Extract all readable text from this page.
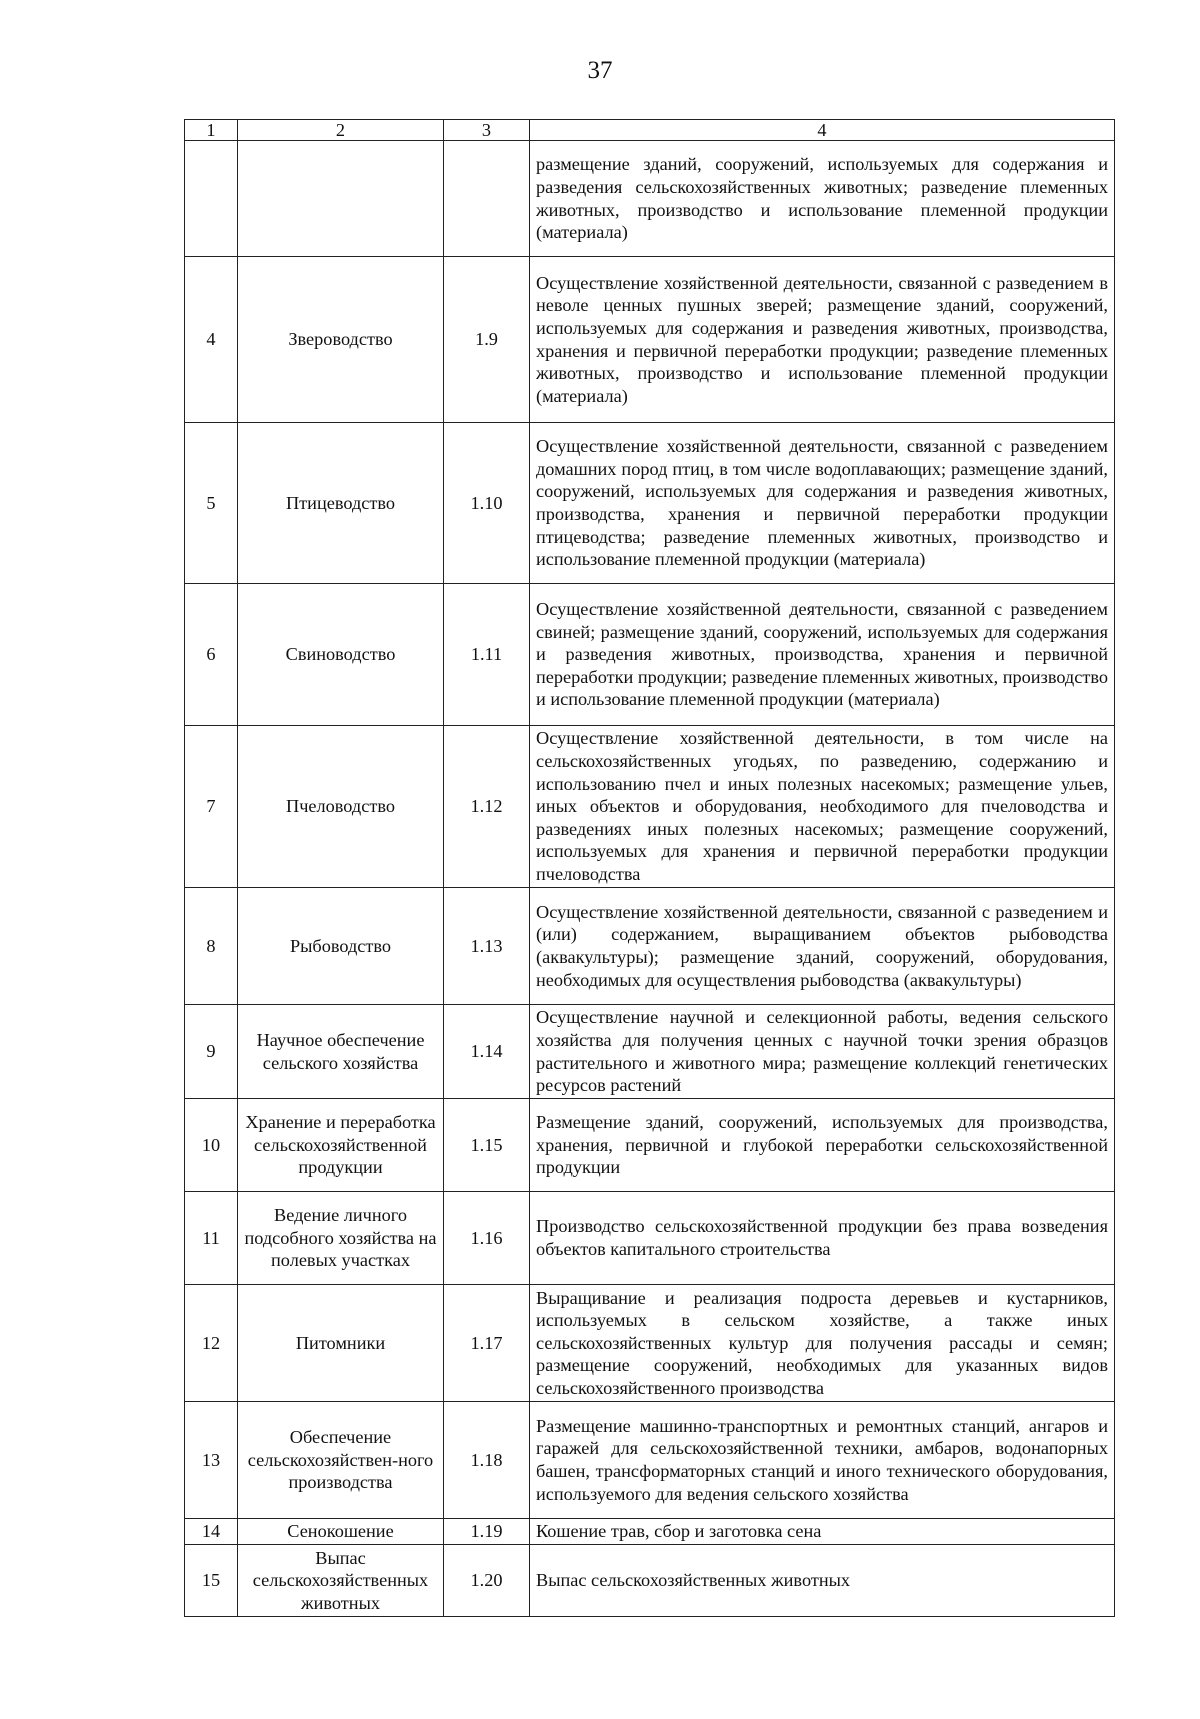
37
1	2	3	4
			размещение зданий, сооружений, используемых для содержания и разведения сельскохозяйственных животных; разведение племенных животных, производство и использование племенной продукции (материала)
4	Звероводство	1.9	Осуществление хозяйственной деятельности, связанной с разведением в неволе ценных пушных зверей; размещение зданий, сооружений, используемых для содержания и разведения животных, производства, хранения и первичной переработки продукции; разведение племенных животных, производство и использование племенной продукции (материала)
5	Птицеводство	1.10	Осуществление хозяйственной деятельности, связанной с разведением домашних пород птиц, в том числе водоплавающих; размещение зданий, сооружений, используемых для содержания и разведения животных, производства, хранения и первичной переработки продукции птицеводства; разведение племенных животных, производство и использование племенной продукции (материала)
6	Свиноводство	1.11	Осуществление хозяйственной деятельности, связанной с разведением свиней; размещение зданий, сооружений, используемых для содержания и разведения животных, производства, хранения и первичной переработки продукции; разведение племенных животных, производство и использование племенной продукции (материала)
7	Пчеловодство	1.12	Осуществление хозяйственной деятельности, в том числе на сельскохозяйственных угодьях, по разведению, содержанию и использованию пчел и иных полезных насекомых; размещение ульев, иных объектов и оборудования, необходимого для пчеловодства и разведениях иных полезных насекомых; размещение сооружений, используемых для хранения и первичной переработки продукции пчеловодства
8	Рыбоводство	1.13	Осуществление хозяйственной деятельности, связанной с разведением и (или) содержанием, выращиванием объектов рыбоводства (аквакультуры); размещение зданий, сооружений, оборудования, необходимых для осуществления рыбоводства (аквакультуры)
9	Научное обеспечение сельского хозяйства	1.14	Осуществление научной и селекционной работы, ведения сельского хозяйства для получения ценных с научной точки зрения образцов растительного и животного мира; размещение коллекций генетических ресурсов растений
10	Хранение и переработка сельскохозяйственной продукции	1.15	Размещение зданий, сооружений, используемых для производства, хранения, первичной и глубокой переработки сельскохозяйственной продукции
11	Ведение личного подсобного хозяйства на полевых участках	1.16	Производство сельскохозяйственной продукции без права возведения объектов капитального строительства
12	Питомники	1.17	Выращивание и реализация подроста деревьев и кустарников, используемых в сельском хозяйстве, а также иных сельскохозяйственных культур для получения рассады и семян; размещение сооружений, необходимых для указанных видов сельскохозяйственного производства
13	Обеспечение сельскохозяйствен-ного производства	1.18	Размещение машинно-транспортных и ремонтных станций, ангаров и гаражей для сельскохозяйственной техники, амбаров, водонапорных башен, трансформаторных станций и иного технического оборудования, используемого для ведения сельского хозяйства
14	Сенокошение	1.19	Кошение трав, сбор и заготовка сена
15	Выпас сельскохозяйственных животных	1.20	Выпас сельскохозяйственных животных
